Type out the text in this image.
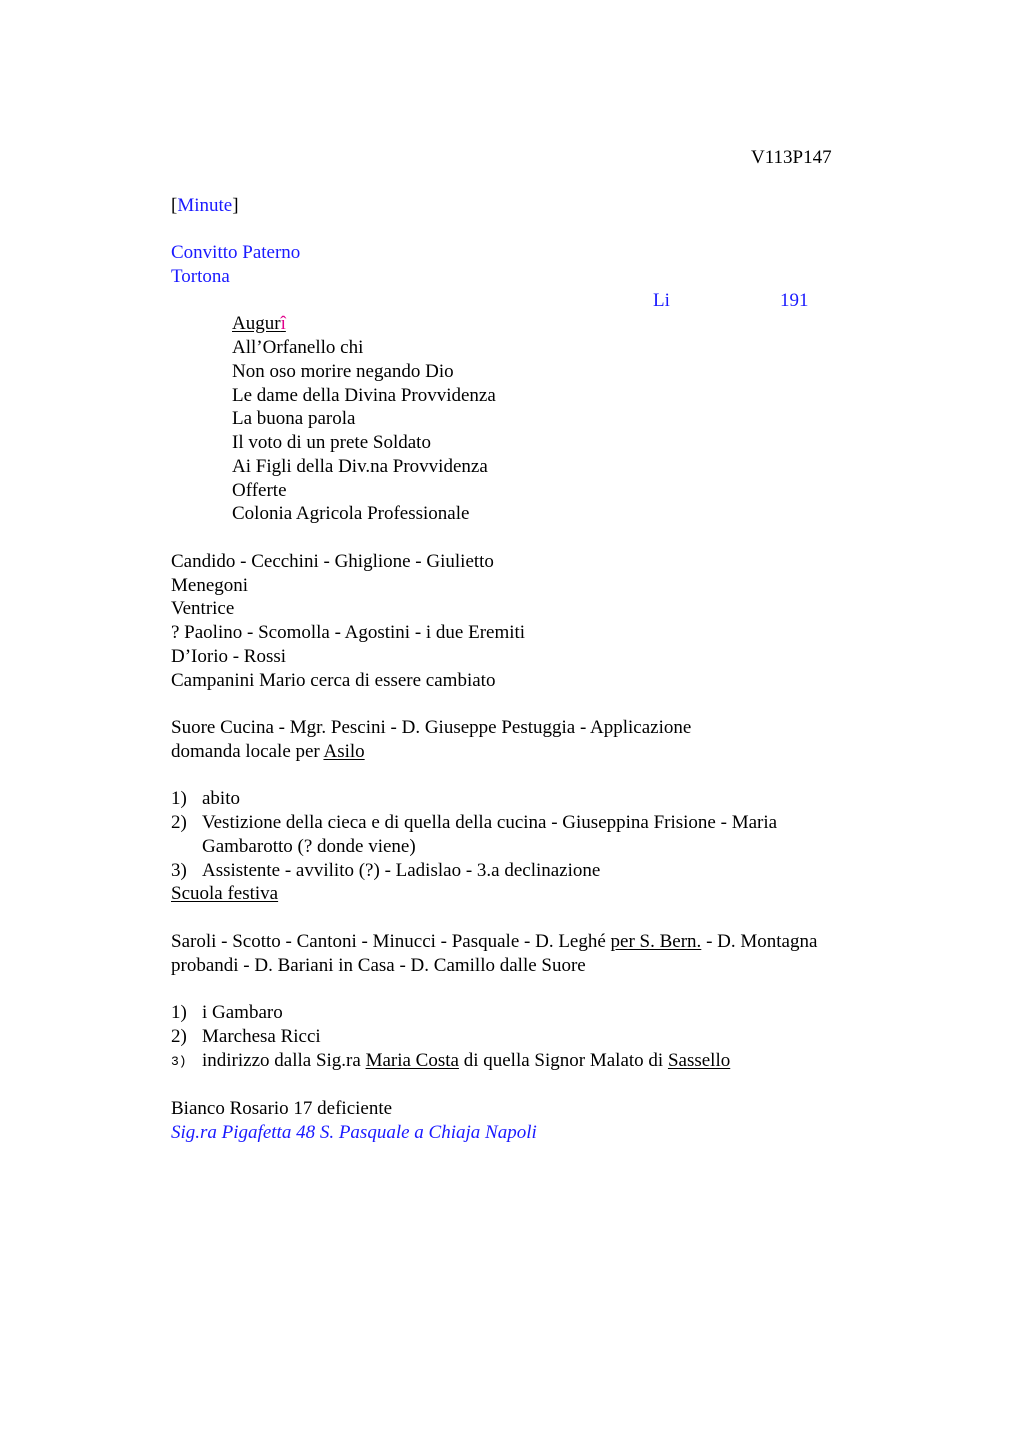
V113P147
[Minute]
Convitto Paterno
Tortona
Li	191
Augurî
All’Orfanello chi
Non oso morire negando Dio
Le dame della Divina Provvidenza
La buona parola
Il voto di un prete Soldato
Ai Figli della Div.na Provvidenza
Offerte
Colonia Agricola Professionale
Candido - Cecchini - Ghiglione - Giulietto
Menegoni
Ventrice
? Paolino - Scomolla - Agostini - i due Eremiti
D’Iorio - Rossi
Campanini Mario cerca di essere cambiato
Suore Cucina - Mgr. Pescini - D. Giuseppe Pestuggia - Applicazione
domanda locale per Asilo
1) abito
2) Vestizione della cieca e di quella della cucina - Giuseppina Frisione - Maria
Gambarotto (? donde viene)
3) Assistente - avvilito (?) - Ladislao - 3.a declinazione
Scuola festiva
Saroli - Scotto - Cantoni - Minucci - Pasquale - D. Leghé per S. Bern. - D. Montagna
probandi - D. Bariani in Casa - D. Camillo dalle Suore
1) i Gambaro
2) Marchesa Ricci
3) indirizzo dalla Sig.ra Maria Costa di quella Signor Malato di Sassello
Bianco Rosario 17 deficiente
Sig.ra Pigafetta 48 S. Pasquale a Chiaja Napoli
